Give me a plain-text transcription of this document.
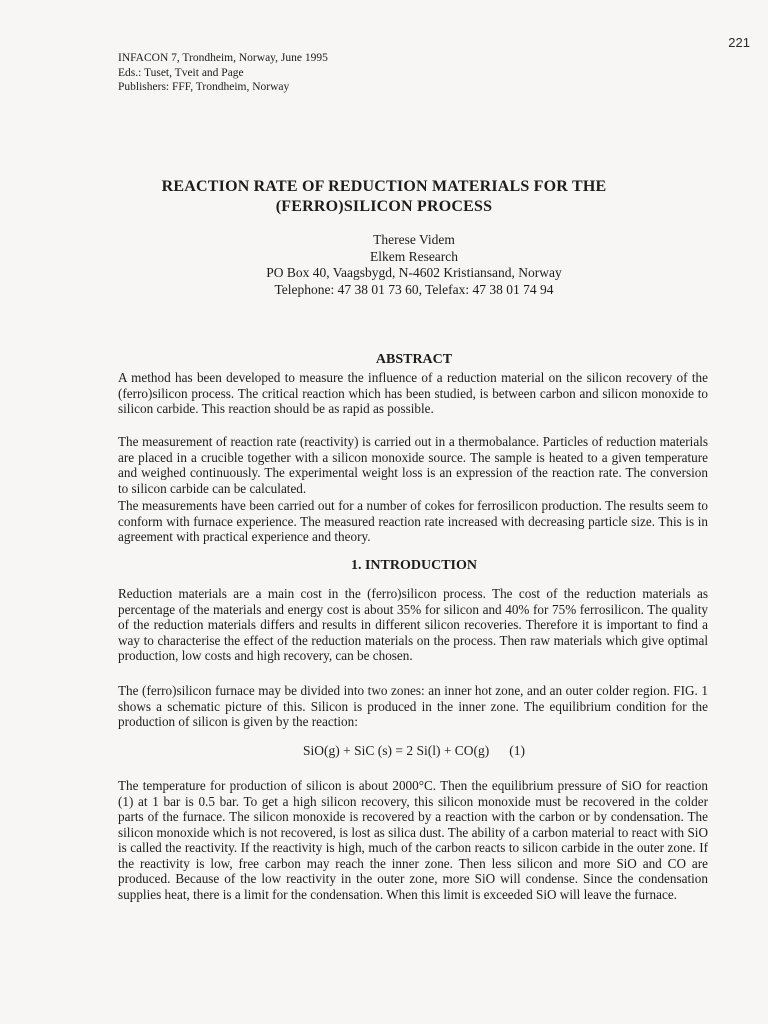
221
INFACON 7, Trondheim, Norway, June 1995
Eds.: Tuset, Tveit and Page
Publishers: FFF, Trondheim, Norway
REACTION RATE OF REDUCTION MATERIALS FOR THE
(FERRO)SILICON PROCESS
Therese Videm
Elkem Research
PO Box 40, Vaagsbygd, N-4602 Kristiansand, Norway
Telephone: 47 38 01 73 60, Telefax: 47 38 01 74 94
ABSTRACT

A method has been developed to measure the influence of a reduction material on the silicon recovery of the (ferro)silicon process. The critical reaction which has been studied, is between carbon and silicon monoxide to silicon carbide. This reaction should be as rapid as possible.

The measurement of reaction rate (reactivity) is carried out in a thermobalance. Particles of reduction materials are placed in a crucible together with a silicon monoxide source. The sample is heated to a given temperature and weighed continuously. The experimental weight loss is an expression of the reaction rate. The conversion to silicon carbide can be calculated.

The measurements have been carried out for a number of cokes for ferrosilicon production. The results seem to conform with furnace experience. The measured reaction rate increased with decreasing particle size. This is in agreement with practical experience and theory.

1. INTRODUCTION

Reduction materials are a main cost in the (ferro)silicon process. The cost of the reduction materials as percentage of the materials and energy cost is about 35% for silicon and 40% for 75% ferrosilicon. The quality of the reduction materials differs and results in different silicon recoveries. Therefore it is important to find a way to characterise the effect of the reduction materials on the process. Then raw materials which give optimal production, low costs and high recovery, can be chosen.

The (ferro)silicon furnace may be divided into two zones: an inner hot zone, and an outer colder region. FIG. 1 shows a schematic picture of this. Silicon is produced in the inner zone. The equilibrium condition for the production of silicon is given by the reaction:

SiO(g) + SiC (s) = 2 Si(l) + CO(g) (1)

The temperature for production of silicon is about 2000°C. Then the equilibrium pressure of SiO for reaction (1) at 1 bar is 0.5 bar. To get a high silicon recovery, this silicon monoxide must be recovered in the colder parts of the furnace. The silicon monoxide is recovered by a reaction with the carbon or by condensation. The silicon monoxide which is not recovered, is lost as silica dust. The ability of a carbon material to react with SiO is called the reactivity. If the reactivity is high, much of the carbon reacts to silicon carbide in the outer zone. If the reactivity is low, free carbon may reach the inner zone. Then less silicon and more SiO and CO are produced. Because of the low reactivity in the outer zone, more SiO will condense. Since the condensation supplies heat, there is a limit for the condensation. When this limit is exceeded SiO will leave the furnace.
